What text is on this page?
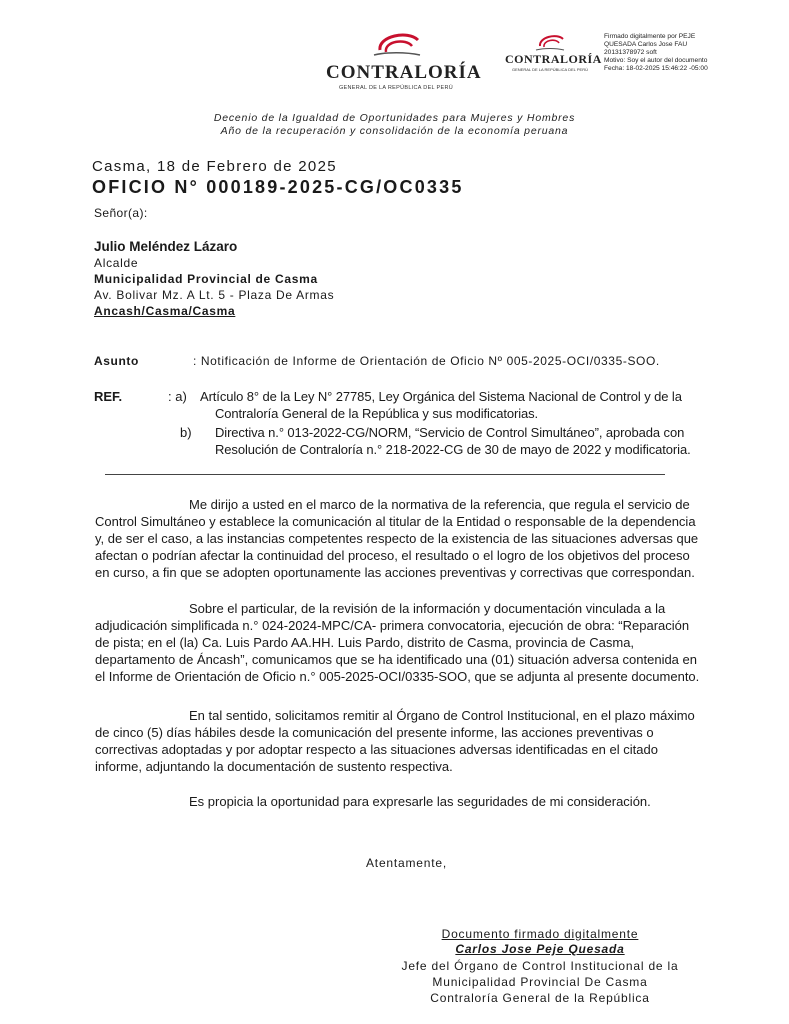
CONTRALORÍA
GENERAL DE LA REPÚBLICA DEL PERÚ
CONTRALORÍA
GENERAL DE LA REPÚBLICA DEL PERÚ
Firmado digitalmente por PEJE
QUESADA Carlos Jose FAU
20131378972 soft
Motivo: Soy el autor del documento
Fecha: 18-02-2025 15:46:22 -05:00
Decenio de la Igualdad de Oportunidades para Mujeres y Hombres
Año de la recuperación y consolidación de la economía peruana
Casma, 18 de Febrero de 2025
OFICIO N° 000189-2025-CG/OC0335
Señor(a):
Julio Meléndez Lázaro
Alcalde
Municipalidad Provincial de Casma
Av. Bolivar Mz. A Lt. 5 - Plaza De Armas
Ancash/Casma/Casma
Asunto	: Notificación de Informe de Orientación de Oficio Nº 005-2025-OCI/0335-SOO.
REF.	: a) Artículo 8° de la Ley N° 27785, Ley Orgánica del Sistema Nacional de Control y de la
Contraloría General de la República y sus modificatorias.
b) Directiva n.° 013-2022-CG/NORM, “Servicio de Control Simultáneo”, aprobada con
Resolución de Contraloría n.° 218-2022-CG de 30 de mayo de 2022 y modificatoria.
Me dirijo a usted en el marco de la normativa de la referencia, que regula el servicio de
Control Simultáneo y establece la comunicación al titular de la Entidad o responsable de la dependencia
y, de ser el caso, a las instancias competentes respecto de la existencia de las situaciones adversas que
afectan o podrían afectar la continuidad del proceso, el resultado o el logro de los objetivos del proceso
en curso, a fin que se adopten oportunamente las acciones preventivas y correctivas que correspondan.
Sobre el particular, de la revisión de la información y documentación vinculada a la
adjudicación simplificada n.° 024-2024-MPC/CA- primera convocatoria, ejecución de obra: “Reparación
de pista; en el (la) Ca. Luis Pardo AA.HH. Luis Pardo, distrito de Casma, provincia de Casma,
departamento de Áncash”, comunicamos que se ha identificado una (01) situación adversa contenida en
el Informe de Orientación de Oficio n.° 005-2025-OCI/0335-SOO, que se adjunta al presente documento.
En tal sentido, solicitamos remitir al Órgano de Control Institucional, en el plazo máximo
de cinco (5) días hábiles desde la comunicación del presente informe, las acciones preventivas o
correctivas adoptadas y por adoptar respecto a las situaciones adversas identificadas en el citado
informe, adjuntando la documentación de sustento respectiva.
Es propicia la oportunidad para expresarle las seguridades de mi consideración.
Atentamente,
Documento firmado digitalmente
Carlos Jose Peje Quesada
Jefe del Órgano de Control Institucional de la
Municipalidad Provincial De Casma
Contraloría General de la República
